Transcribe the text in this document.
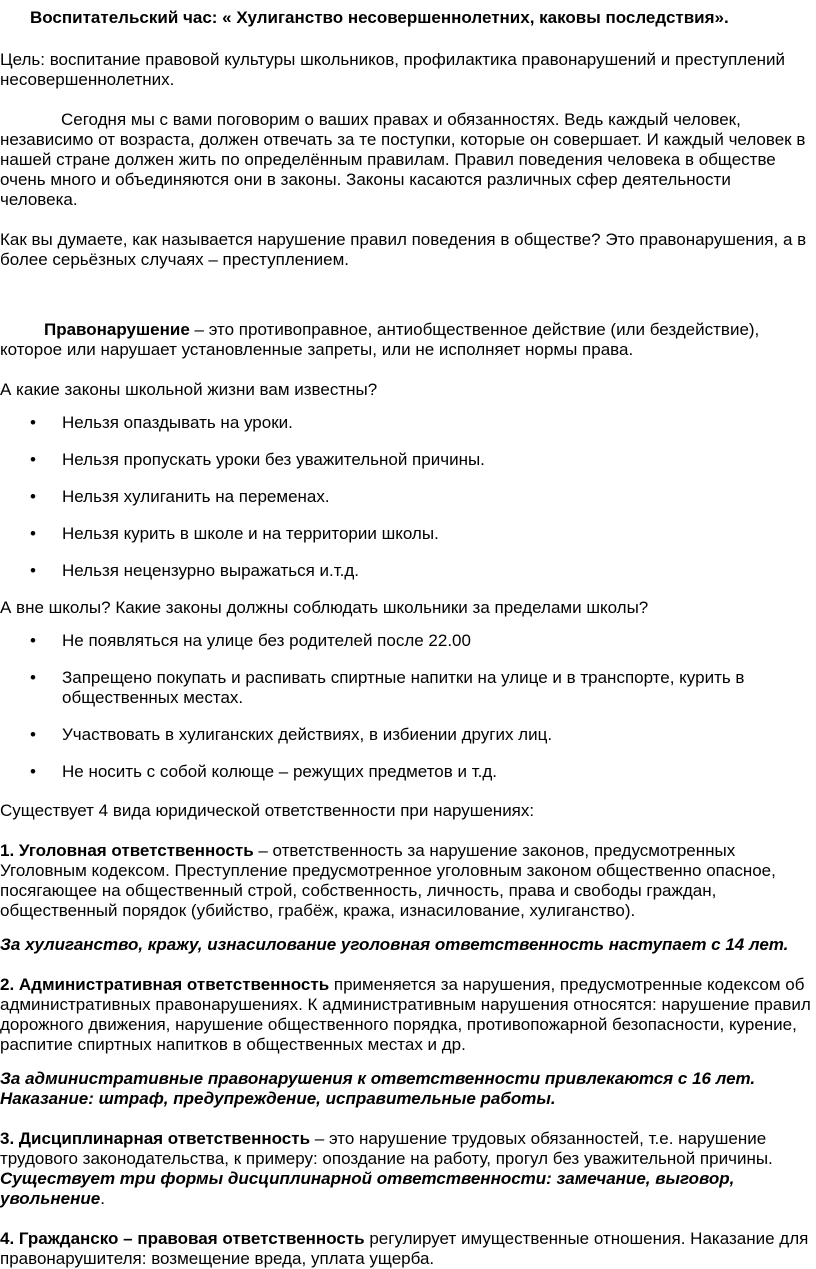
Воспитательский час: « Хулиганство несовершеннолетних, каковы последствия».

Цель: воспитание правовой культуры школьников, профилактика правонарушений и преступлений несовершеннолетних.

Сегодня мы с вами поговорим о ваших правах и обязанностях. Ведь каждый человек, независимо от возраста, должен отвечать за те поступки, которые он совершает. И каждый человек в нашей стране должен жить по определённым правилам. Правил поведения человека в обществе очень много и объединяются они в законы. Законы касаются различных сфер деятельности человека.

Как вы думаете, как называется нарушение правил поведения в обществе? Это правонарушения, а в более серьёзных случаях – преступлением.

Правонарушение – это противоправное, антиобщественное действие (или бездействие), которое или нарушает установленные запреты, или не исполняет нормы права.

А какие законы школьной жизни вам известны?

• Нельзя опаздывать на уроки.
• Нельзя пропускать уроки без уважительной причины.
• Нельзя хулиганить на переменах.
• Нельзя курить в школе и на территории школы.
• Нельзя нецензурно выражаться и.т.д.

А вне школы? Какие законы должны соблюдать школьники за пределами школы?

• Не появляться на улице без родителей после 22.00
• Запрещено покупать и распивать спиртные напитки на улице и в транспорте, курить в общественных местах.
• Участвовать в хулиганских действиях, в избиении других лиц.
• Не носить с собой колюще – режущих предметов и т.д.

Существует 4 вида юридической ответственности при нарушениях:

1. Уголовная ответственность – ответственность за нарушение законов, предусмотренных Уголовным кодексом. Преступление предусмотренное уголовным законом общественно опасное, посягающее на общественный строй, собственность, личность, права и свободы граждан, общественный порядок (убийство, грабёж, кража, изнасилование, хулиганство).

За хулиганство, кражу, изнасилование уголовная ответственность наступает с 14 лет.

2. Административная ответственность применяется за нарушения, предусмотренные кодексом об административных правонарушениях. К административным нарушения относятся: нарушение правил дорожного движения, нарушение общественного порядка, противопожарной безопасности, курение, распитие спиртных напитков в общественных местах и др.

За административные правонарушения к ответственности привлекаются с 16 лет. Наказание: штраф, предупреждение, исправительные работы.

3. Дисциплинарная ответственность – это нарушение трудовых обязанностей, т.е. нарушение трудового законодательства, к примеру: опоздание на работу, прогул без уважительной причины. Существует три формы дисциплинарной ответственности: замечание, выговор, увольнение.

4. Гражданско – правовая ответственность регулирует имущественные отношения. Наказание для правонарушителя: возмещение вреда, уплата ущерба.
